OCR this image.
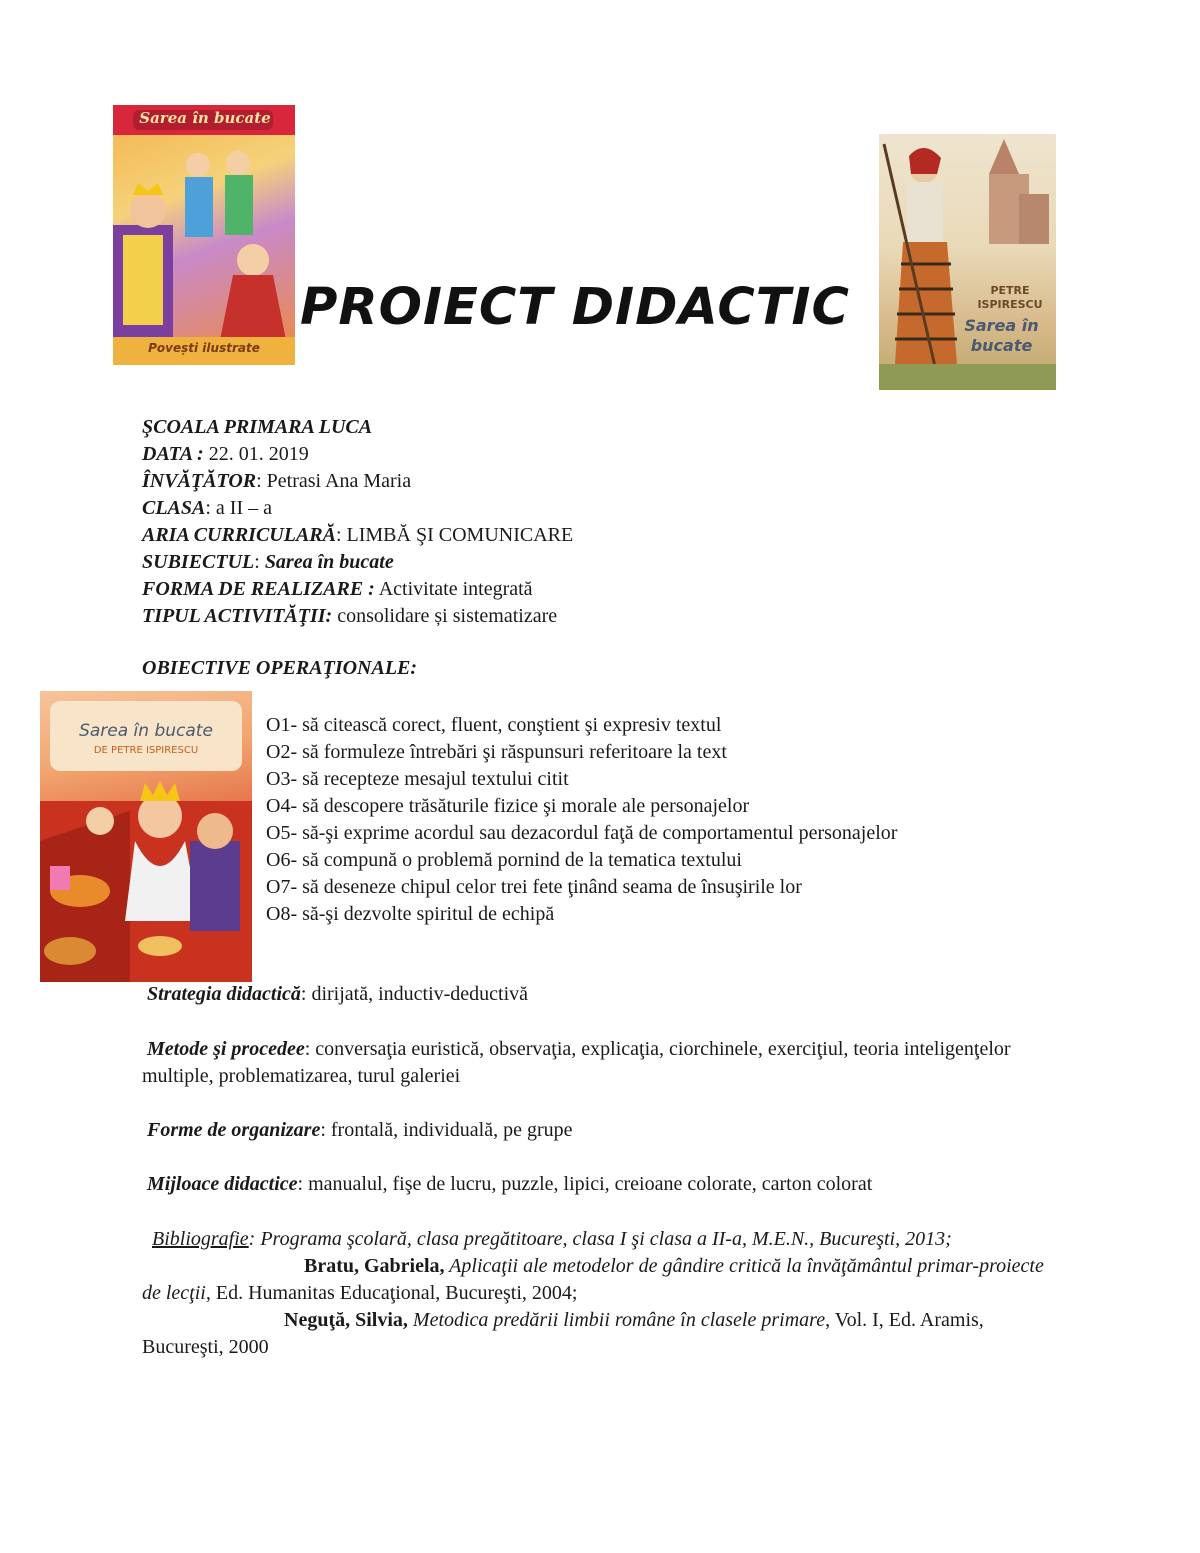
Sarea în bucate
Povești ilustrate
PROIECT DIDACTIC	PETRE ISPIRESCU
Sarea în bucate
ŞCOALA PRIMARA LUCA
DATA : 22. 01. 2019
ÎNVĂŢĂTOR: Petrasi Ana Maria
CLASA: a II – a
ARIA CURRICULARĂ: LIMBĂ ŞI COMUNICARE
SUBIECTUL: Sarea în bucate
FORMA DE REALIZARE : Activitate integrată
TIPUL ACTIVITĂŢII: consolidare și sistematizare
OBIECTIVE OPERAŢIONALE:
Sarea în bucate
DE PETRE ISPIRESCU
O1- să citească corect, fluent, conştient şi expresiv textul
O2- să formuleze întrebări şi răspunsuri referitoare la text
O3- să recepteze mesajul textului citit
O4- să descopere trăsăturile fizice şi morale ale personajelor
O5- să-şi exprime acordul sau dezacordul faţă de comportamentul personajelor
O6- să compună o problemă pornind de la tematica textului
O7- să deseneze chipul celor trei fete ţinând seama de însuşirile lor
O8- să-şi dezvolte spiritul de echipă
Strategia didactică: dirijată, inductiv-deductivă
Metode şi procedee: conversaţia euristică, observaţia, explicaţia, ciorchinele, exerciţiul, teoria inteligenţelor multiple, problematizarea, turul galeriei
Forme de organizare: frontală, individuală, pe grupe
Mijloace didactice: manualul, fişe de lucru, puzzle, lipici, creioane colorate, carton colorat
Bibliografie: Programa şcolară, clasa pregătitoare, clasa I şi clasa a II-a, M.E.N., Bucureşti, 2013;
Bratu, Gabriela, Aplicaţii ale metodelor de gândire critică la învăţământul primar-proiecte de lecţii, Ed. Humanitas Educaţional, Bucureşti, 2004;
Neguţă, Silvia, Metodica predării limbii române în clasele primare, Vol. I, Ed. Aramis, Bucureşti, 2000
